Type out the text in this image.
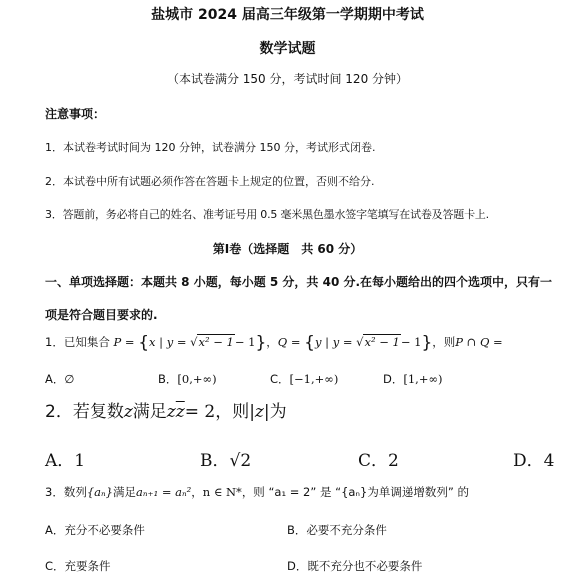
盐城市 2024 届高三年级第一学期期中考试
数学试题
（本试卷满分 150 分，考试时间 120 分钟）
注意事项：
1．本试卷考试时间为 120 分钟，试卷满分 150 分，考试形式闭卷.
2．本试卷中所有试题必须作答在答题卡上规定的位置，否则不给分.
3．答题前，务必将自己的姓名、准考证号用 0.5 毫米黑色墨水签字笔填写在试卷及答题卡上.
第Ⅰ卷（选择题　共 60 分）
一、单项选择题：本题共 8 小题，每小题 5 分，共 40 分.在每小题给出的四个选项中，只有一
项是符合题目要求的.
1．已知集合 P = {x | y = √x² − 1− 1}，Q = {y | y = √x² − 1− 1}，则P ∩ Q =
A．∅	B．[0,+∞)	C．[−1,+∞)	D．[1,+∞)
2．若复数z满足$z\overline{z}= 2$，则|z|为
A．1	B．√2	C．2	D．4
3．数列{aₙ}满足aₙ₊₁ = aₙ²，n ∈ N*，则 “a₁ = 2” 是 “{aₙ}为单调递增数列” 的
A．充分不必要条件	B．必要不充分条件
C．充要条件	D．既不充分也不必要条件
